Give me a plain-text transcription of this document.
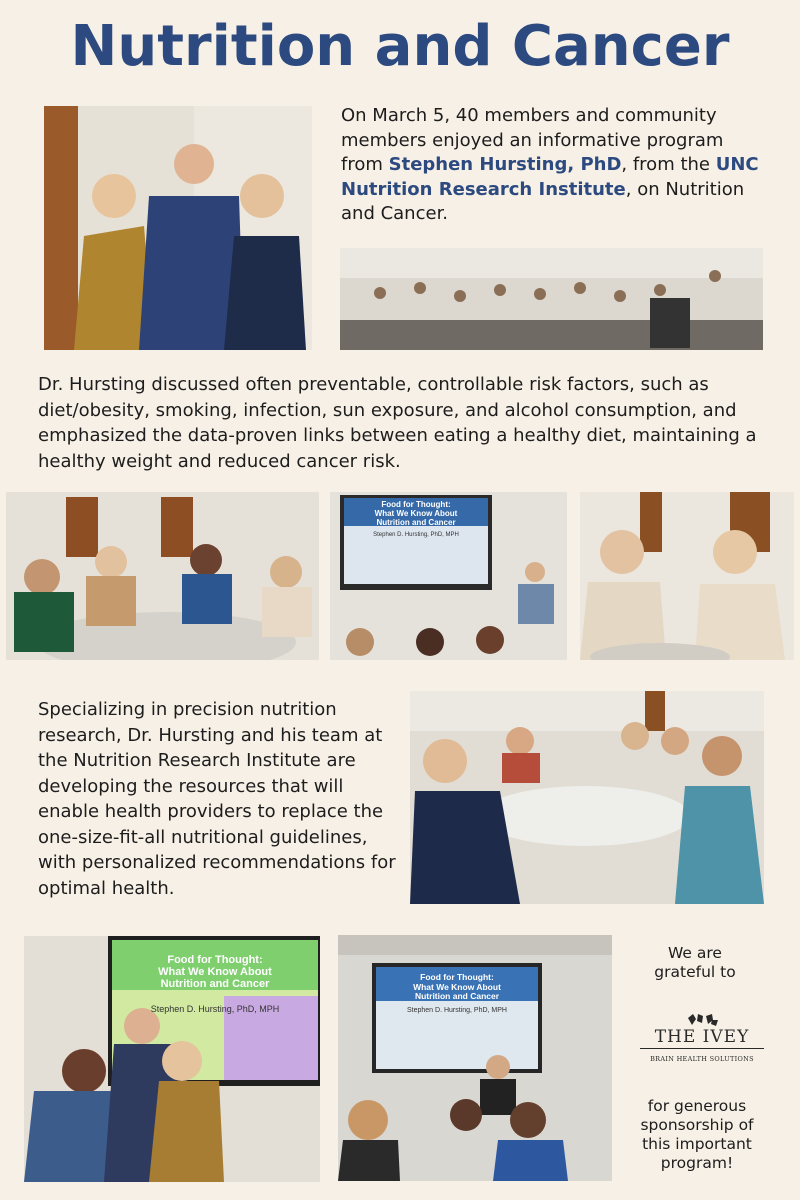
Nutrition and Cancer
On March 5, 40 members and community members enjoyed an informative program from Stephen Hursting, PhD, from the UNC Nutrition Research Institute, on Nutrition and Cancer.
Dr. Hursting discussed often preventable, controllable risk factors, such as diet/obesity, smoking, infection, sun exposure, and alcohol consumption, and emphasized the data-proven links between eating a healthy diet, maintaining a healthy weight and reduced cancer risk.
Food for Thought:
What We Know About
Nutrition and Cancer
Stephen D. Hursting, PhD, MPH
Specializing in precision nutrition research, Dr. Hursting and his team at the Nutrition Research Institute are developing the resources that will enable health providers to replace the one-size-fit-all nutritional guidelines, with personalized recommendations for optimal health.
Food for Thought:
What We Know About
Nutrition and Cancer
Stephen D. Hursting, PhD, MPH
Food for Thought:
What We Know About
Nutrition and Cancer
Stephen D. Hursting, PhD, MPH
We are
grateful to
THE IVEY
BRAIN HEALTH SOLUTIONS
for generous
sponsorship of
this important
program!
